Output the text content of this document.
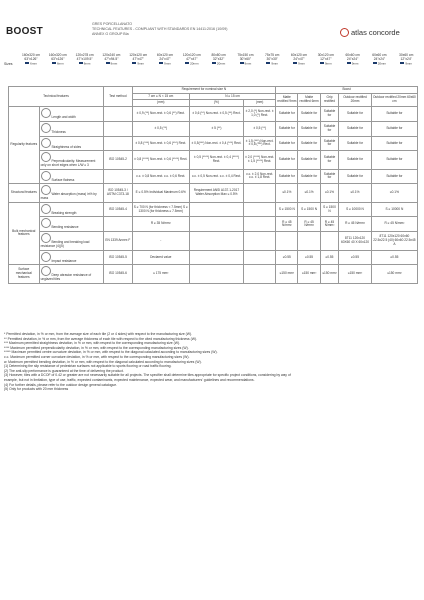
BOOST
GRES PORCELLANATO
TECHNICAL FEATURES - COMPLIANT WITH STANDARDS EN 14411:2016 (10/09)
ANNEX G GROUP BIa	atlas concorde
Sizes
160x320 cm
63"x126"
6mm
160x320 cm
63"x126"
6mm
120x278 cm
47"x109.5"
6mm
120x240 cm
47"x94.5"
9mm
120x120 cm
47"x47"
9mm
60x120 cm
24"x47"
9mm
120x120 cm
47"x47"
20mm
80x80 cm
32"x32"
20mm
75x150 cm
30"x60"
9mm
75x75 cm
30"x30"
9mm
60x120 cm
24"x47"
9mm
30x120 cm
12"x47"
9mm
60x60 cm
24"x24"
9mm
60x60 cm
24"x24"
20mm
30x60 cm
12"x24"
9mm
Technical features		Test method	Requirement for nominal size N			Boost				
			7 cm ≤ N < 15 cm	N ≥ 15 cm		Matte rectified 9mm	Matte rectified 6mm	Grip rectified	Outdoor rectified 20mm	Outdoor rectified 20mm 60x60 cm
			(mm)	(%)	(mm)					
Regularity features	Length and width		± 0,9 (**) Non-rect. ± 0,6 (**) Rect.	± 0,6 (**) Non-rect. ± 0,5 (**) Rect.	± 2,0 (*) Non-rect. ± 1,0 (*) Rect.	Suitable for	Suitable for	Suitable for	Suitable for	Suitable for
	Thickness		± 0,5 (**)	± 5 (**)	± 0,5 (**)	Suitable for	Suitable for	Suitable for	Suitable for	Suitable for
	Straightness of sides		± 0,8 (***) Non-rect. ± 0,6 (***) Rect.	± 0,5(***) Non-rect. ± 0,4 (***) Rect.	± 1,5 (***) Non-rect. ± 0,8 (***) Rect.	Suitable for	Suitable for	Suitable for	Suitable for	Suitable for
	Perpendicularity. Measurement only on short edges when L/W ≥ 3	ISO 10545-2	± 0,8 (****) Non-rect. ± 0,6 (****) Rect.	± 0,5 (****) Non-rect. ± 0,4 (****) Rect.	± 2,0 (****) Non-rect. ± 1,5 (****) Rect.	Suitable for	Suitable for	Suitable for	Suitable for	Suitable for
	Surface flatness		c.c. ± 0,8 Non-rect. c.c. ± 0,6 Rect.	c.c. ± 0,5 Non-rect. c.c. ± 0,4 Rect.	c.c. ± 2,0 Non-rect. c.c. ± 1,8 Rect.	Suitable for	Suitable for	Suitable for	Suitable for	Suitable for
Structural features	Water absorption (mass) in% by mass	ISO 10545-3 / ASTM C373-18	E ≤ 0.5% Individual Maximum 0.6%	Requirement ANSI A137.1-2017 Water Absorption Max ≤ 0.5%		≤0.1%	≤0.1%	≤0.1%	≤0.1%	≤0.1%
Bulk mechanical features	Breaking strength	ISO 10545-4	S ≥ 700 N (for thickness < 7.5mm) S ≥ 1300 N (for thickness ≥ 7.5mm)			S ≥ 1500 N	S ≥ 1500 N	S ≥ 1500 N	S ≥ 10000 N	S ≥ 10000 N
	Bending resistance		R ≥ 35 N/mm²			R ≥ 45 N/mm²	R ≥ 45 N/mm²	R ≥ 45 N/mm²	R ≥ 45 N/mm²	R ≥ 45 N/mm²
	Bending and breaking load resistance (4)(5)	EN 1339 Annex F	-						8T11 120x120 60X60 40 X 60x120	8T11 120x120 60x60 22.5x22.5 (40) 60x60 22.5x45 A
	Impact resistance	ISO 10545-5	Declared value			≥0.55	≥0.55	≥0.55	≥0.55	≥0.55
Surface mechanical features	Deep abrasion resistance of unglazed tiles	ISO 10545-6	≤ 175 mm³			≤150 mm³	≤150 mm³	≤150 mm³	≤150 mm³	≤150 mm³
* Permitted deviation, in % or mm, from the average size of each tile (2 or 4 sides) with respect to the manufacturing size (W).
** Permitted deviation, in % or mm, from the average thickness of each tile with respect to the cited manufacturing thickness (W).
*** Maximum permitted straightness deviation, in % or mm, with respect to the corresponding manufacturing size (W).
**** Maximum permitted perpendicularity deviation, in % or mm, with respect to the corresponding manufacturing sizes (W).
***** Maximum permitted centre curvature deviation, in % or mm, with respect to the diagonal calculated according to manufacturing sizes (W).
c.c. Maximum permitted corner curvature deviation, in % or mm, with respect to the corresponding manufacturing sizes (W).
w. Maximum permitted bending deviation, in % or mm, with respect to the diagonal calculated according to manufacturing sizes (W).
(1) Determining the slip resistance of pedestrian surfaces not applicable to sports flooring or road traffic flooring.
(2) The anti-slip performance is guaranteed at the time of delivering the product.
(3) However, tiles with a DCOF of 0.42 or greater are not necessarily suitable for all projects. The specifier shall determine tiles appropriate for specific project conditions, considering by way of
example, but not in limitation, type of use, traffic, expected contaminants, expected maintenance, expected wear, and manufacturers' guidelines and recommendations.
(4) For further details, please refer to the outdoor design general catalogue.
(5) Only for products with 20 mm thickness
